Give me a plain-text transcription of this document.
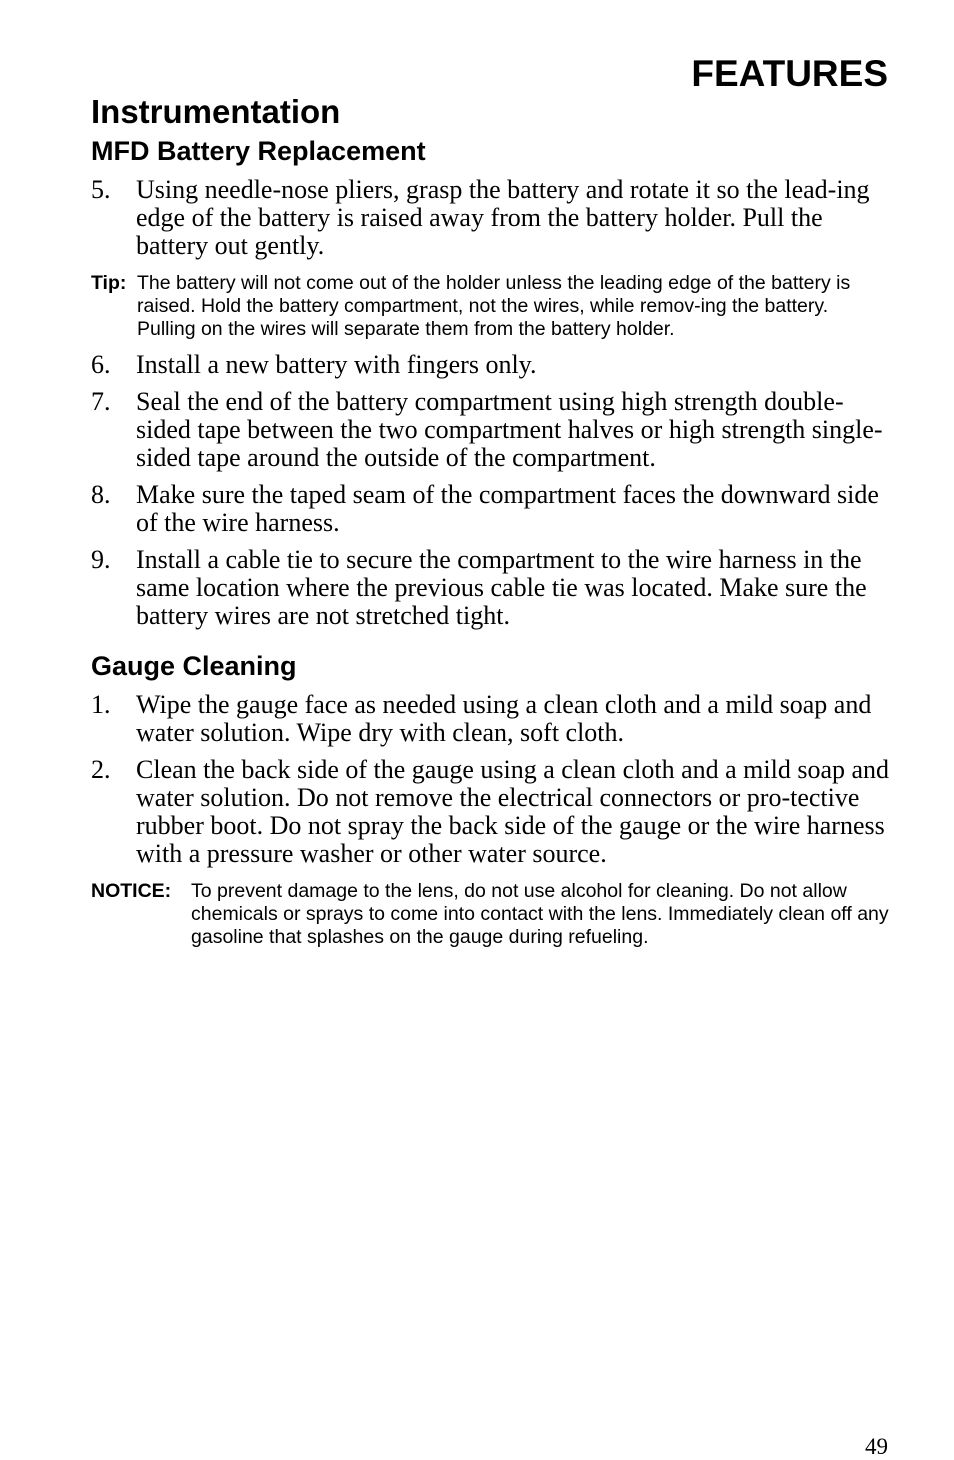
FEATURES
Instrumentation
MFD Battery Replacement
5. Using needle-nose pliers, grasp the battery and rotate it so the lead-ing edge of the battery is raised away from the battery holder. Pull the battery out gently.
Tip: The battery will not come out of the holder unless the leading edge of the battery is raised. Hold the battery compartment, not the wires, while remov-ing the battery. Pulling on the wires will separate them from the battery holder.
6. Install a new battery with fingers only.
7. Seal the end of the battery compartment using high strength double-sided tape between the two compartment halves or high strength single-sided tape around the outside of the compartment.
8. Make sure the taped seam of the compartment faces the downward side of the wire harness.
9. Install a cable tie to secure the compartment to the wire harness in the same location where the previous cable tie was located. Make sure the battery wires are not stretched tight.
Gauge Cleaning
1. Wipe the gauge face as needed using a clean cloth and a mild soap and water solution. Wipe dry with clean, soft cloth.
2. Clean the back side of the gauge using a clean cloth and a mild soap and water solution. Do not remove the electrical connectors or pro-tective rubber boot. Do not spray the back side of the gauge or the wire harness with a pressure washer or other water source.
NOTICE:	To prevent damage to the lens, do not use alcohol for cleaning. Do not allow chemicals or sprays to come into contact with the lens. Immediately clean off any gasoline that splashes on the gauge during refueling.
49
